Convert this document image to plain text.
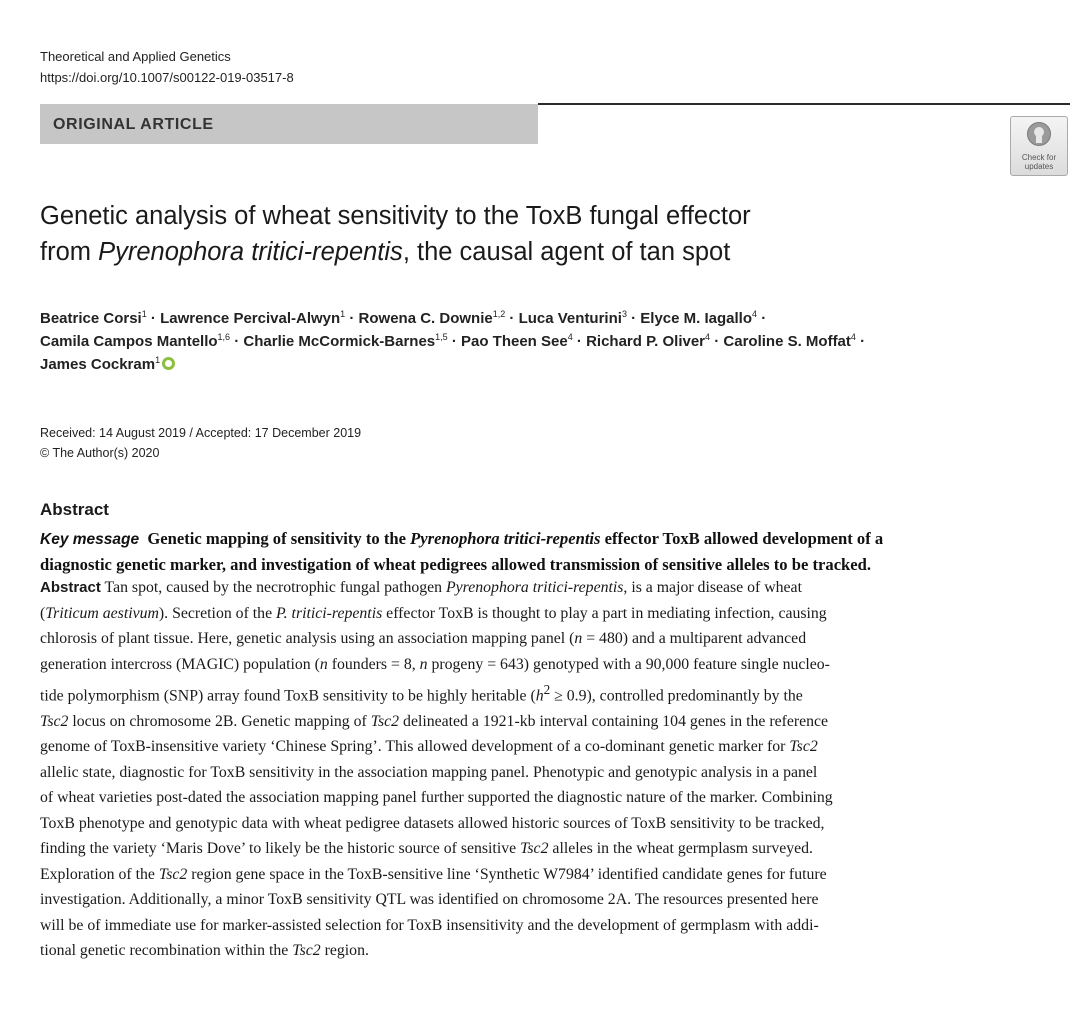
Theoretical and Applied Genetics
https://doi.org/10.1007/s00122-019-03517-8
ORIGINAL ARTICLE
Check for
updates
Genetic analysis of wheat sensitivity to the ToxB fungal effector
from Pyrenophora tritici-repentis, the causal agent of tan spot
Beatrice Corsi$^1$ · Lawrence Percival-Alwyn$^1$ · Rowena C. Downie$^{1,2}$ · Luca Venturini$^3$ · Elyce M. Iagallo$^4$ ·
Camila Campos Mantello$^{1,6}$ · Charlie McCormick-Barnes$^{1,5}$ · Pao Theen See$^4$ · Richard P. Oliver$^4$ · Caroline S. Moffat$^4$ ·
James Cockram$^1$
Received: 14 August 2019 / Accepted: 17 December 2019
© The Author(s) 2020
Abstract
Key message Genetic mapping of sensitivity to the Pyrenophora tritici-repentis effector ToxB allowed development of a
diagnostic genetic marker, and investigation of wheat pedigrees allowed transmission of sensitive alleles to be tracked.
Abstract Tan spot, caused by the necrotrophic fungal pathogen Pyrenophora tritici-repentis, is a major disease of wheat
(Triticum aestivum). Secretion of the P. tritici-repentis effector ToxB is thought to play a part in mediating infection, causing
chlorosis of plant tissue. Here, genetic analysis using an association mapping panel (n = 480) and a multiparent advanced
generation intercross (MAGIC) population (n founders = 8, n progeny = 643) genotyped with a 90,000 feature single nucleo-
tide polymorphism (SNP) array found ToxB sensitivity to be highly heritable $(h^2 \ge 0.9)$, controlled predominantly by the
Tsc2 locus on chromosome 2B. Genetic mapping of Tsc2 delineated a 1921-kb interval containing 104 genes in the reference
genome of ToxB-insensitive variety ‘Chinese Spring’. This allowed development of a co-dominant genetic marker for Tsc2
allelic state, diagnostic for ToxB sensitivity in the association mapping panel. Phenotypic and genotypic analysis in a panel
of wheat varieties post-dated the association mapping panel further supported the diagnostic nature of the marker. Combining
ToxB phenotype and genotypic data with wheat pedigree datasets allowed historic sources of ToxB sensitivity to be tracked,
finding the variety ‘Maris Dove’ to likely be the historic source of sensitive Tsc2 alleles in the wheat germplasm surveyed.
Exploration of the Tsc2 region gene space in the ToxB-sensitive line ‘Synthetic W7984’ identified candidate genes for future
investigation. Additionally, a minor ToxB sensitivity QTL was identified on chromosome 2A. The resources presented here
will be of immediate use for marker-assisted selection for ToxB insensitivity and the development of germplasm with addi-
tional genetic recombination within the Tsc2 region.
